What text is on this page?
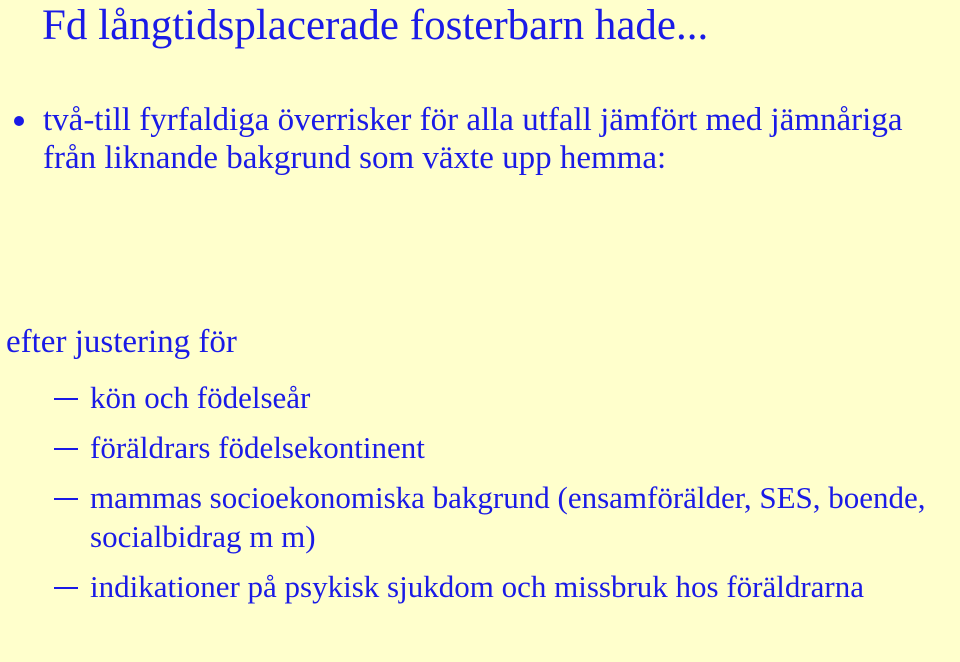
Fd långtidsplacerade fosterbarn hade...
två-till fyrfaldiga överrisker för alla utfall jämfört med jämnåriga från liknande bakgrund som växte upp hemma:
efter justering för
kön och födelseår
föräldrars födelsekontinent
mammas socioekonomiska bakgrund (ensamförälder, SES, boende, socialbidrag m m)
indikationer på psykisk sjukdom och missbruk hos föräldrarna
